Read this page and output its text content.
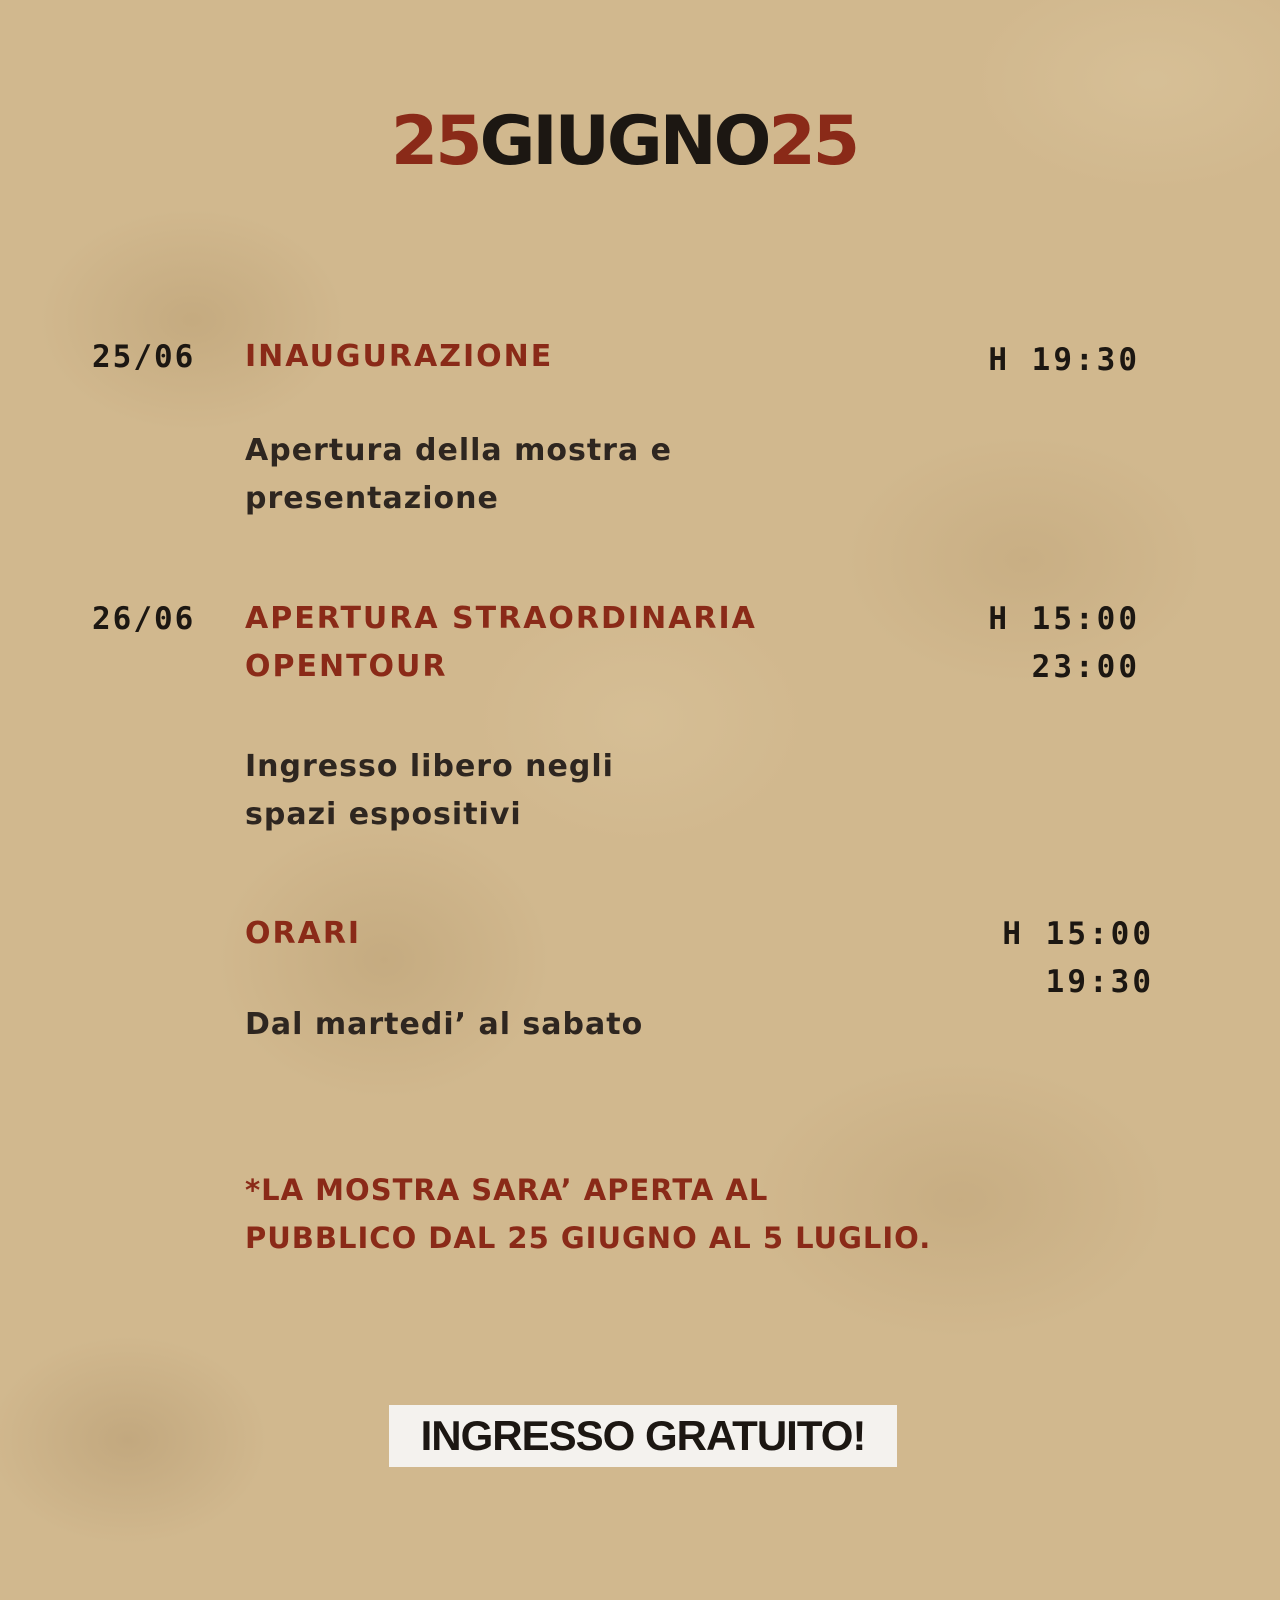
25GIUGNO25
25/06 INAUGURAZIONE	H 19:30
Apertura della mostra e
presentazione
26/06 APERTURA STRAORDINARIA
OPENTOUR
H 15:00
23:00
Ingresso libero negli
spazi espositivi
ORARI	H 15:00
19:30
Dal martedi’ al sabato
*LA MOSTRA SARA’ APERTA AL
PUBBLICO DAL 25 GIUGNO AL 5 LUGLIO.
INGRESSO GRATUITO!
